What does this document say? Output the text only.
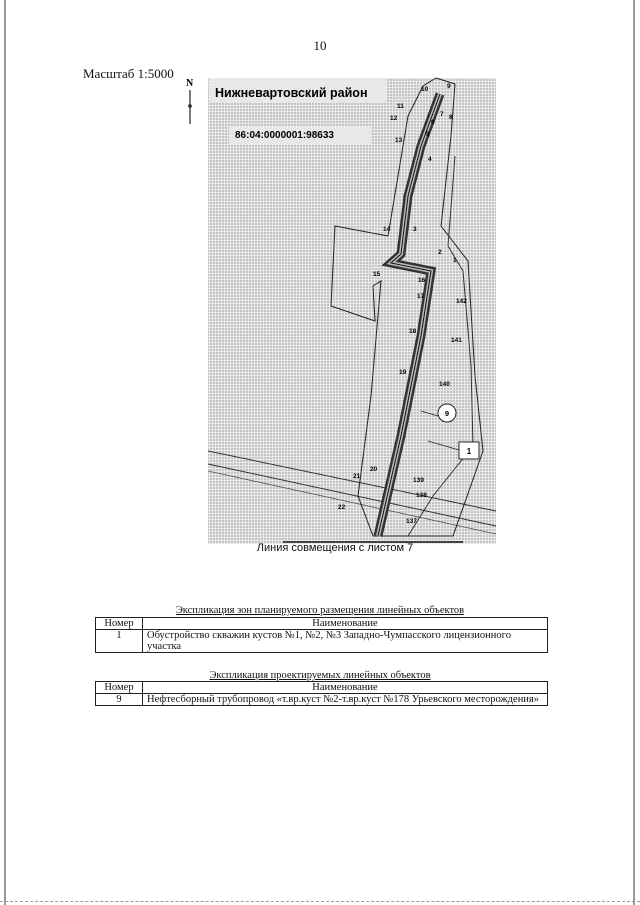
10
Масштаб 1:5000
N
1
2
3
4
5
6
7 8
9
10
11
12
13
14
15
16
17
18
19
20
21
22
137
138
139
140
141
142
Нижневартовский район
86:04:0000001:98633
9
1
Линия совмещения с листом 7
Экспликация зон планируемого размещения линейных объектов
Номер	Наименование
1	Обустройство скважин кустов №1, №2, №3 Западно-Чумпасского лицензионного участка
Экспликация проектируемых линейных объектов
Номер	Наименование
9	Нефтесборный трубопровод «т.вр.куст №2-т.вр.куст №178 Урьевского месторождения»
